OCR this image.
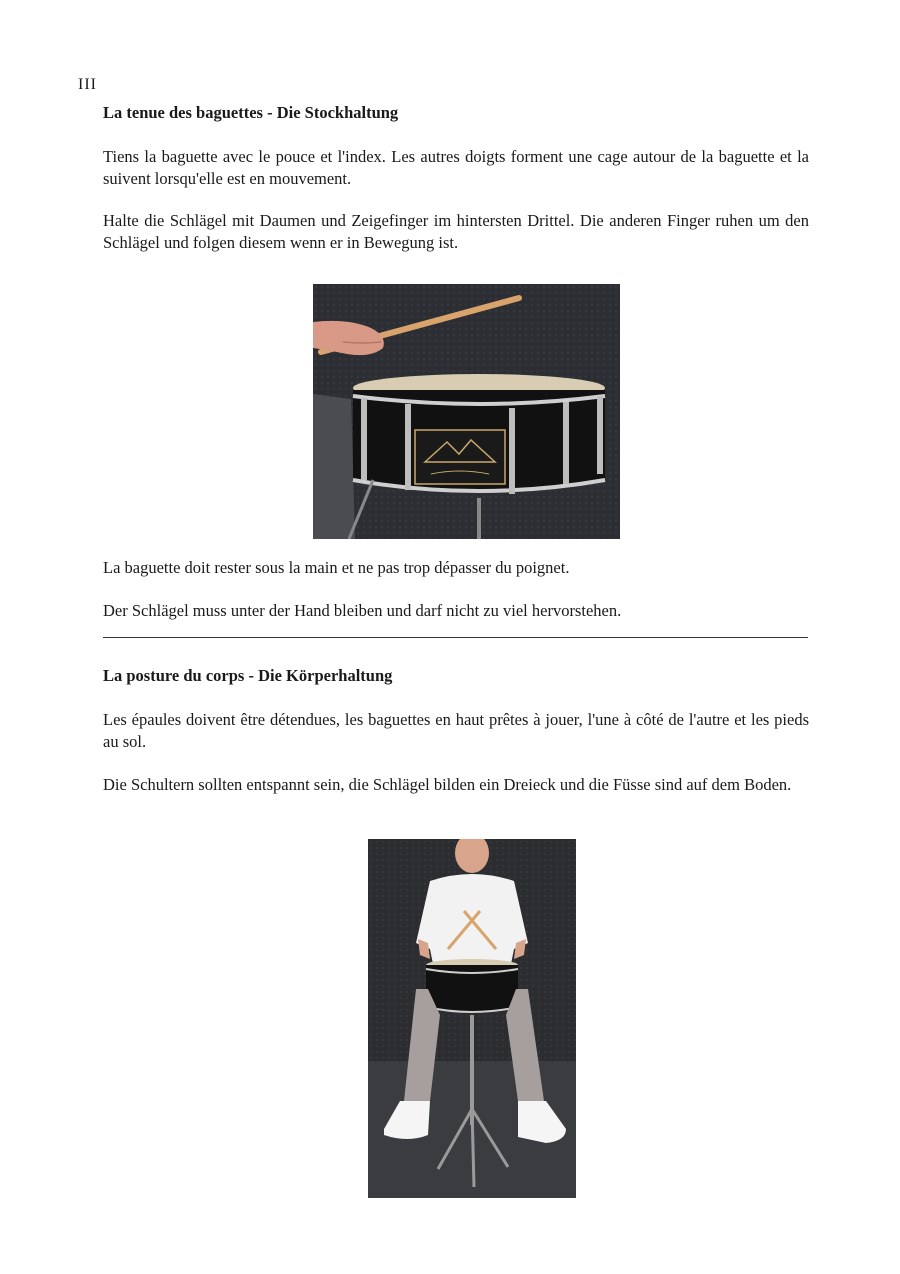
III
La tenue des baguettes - Die Stockhaltung

Tiens la baguette avec le pouce et l'index. Les autres doigts forment une cage autour de la baguette et la suivent lorsqu'elle est en mouvement.

Halte die Schlägel mit Daumen und Zeigefinger im hintersten Drittel. Die anderen Finger ruhen um den Schlägel und folgen diesem wenn er in Bewegung ist.

La baguette doit rester sous la main et ne pas trop dépasser du poignet.

Der Schlägel muss unter der Hand bleiben und darf nicht zu viel hervorstehen.

La posture du corps - Die Körperhaltung

Les épaules doivent être détendues, les baguettes en haut prêtes à jouer, l'une à côté de l'autre et les pieds au sol.

Die Schultern sollten entspannt sein, die Schlägel bilden ein Dreieck und die Füsse sind auf dem Boden.
